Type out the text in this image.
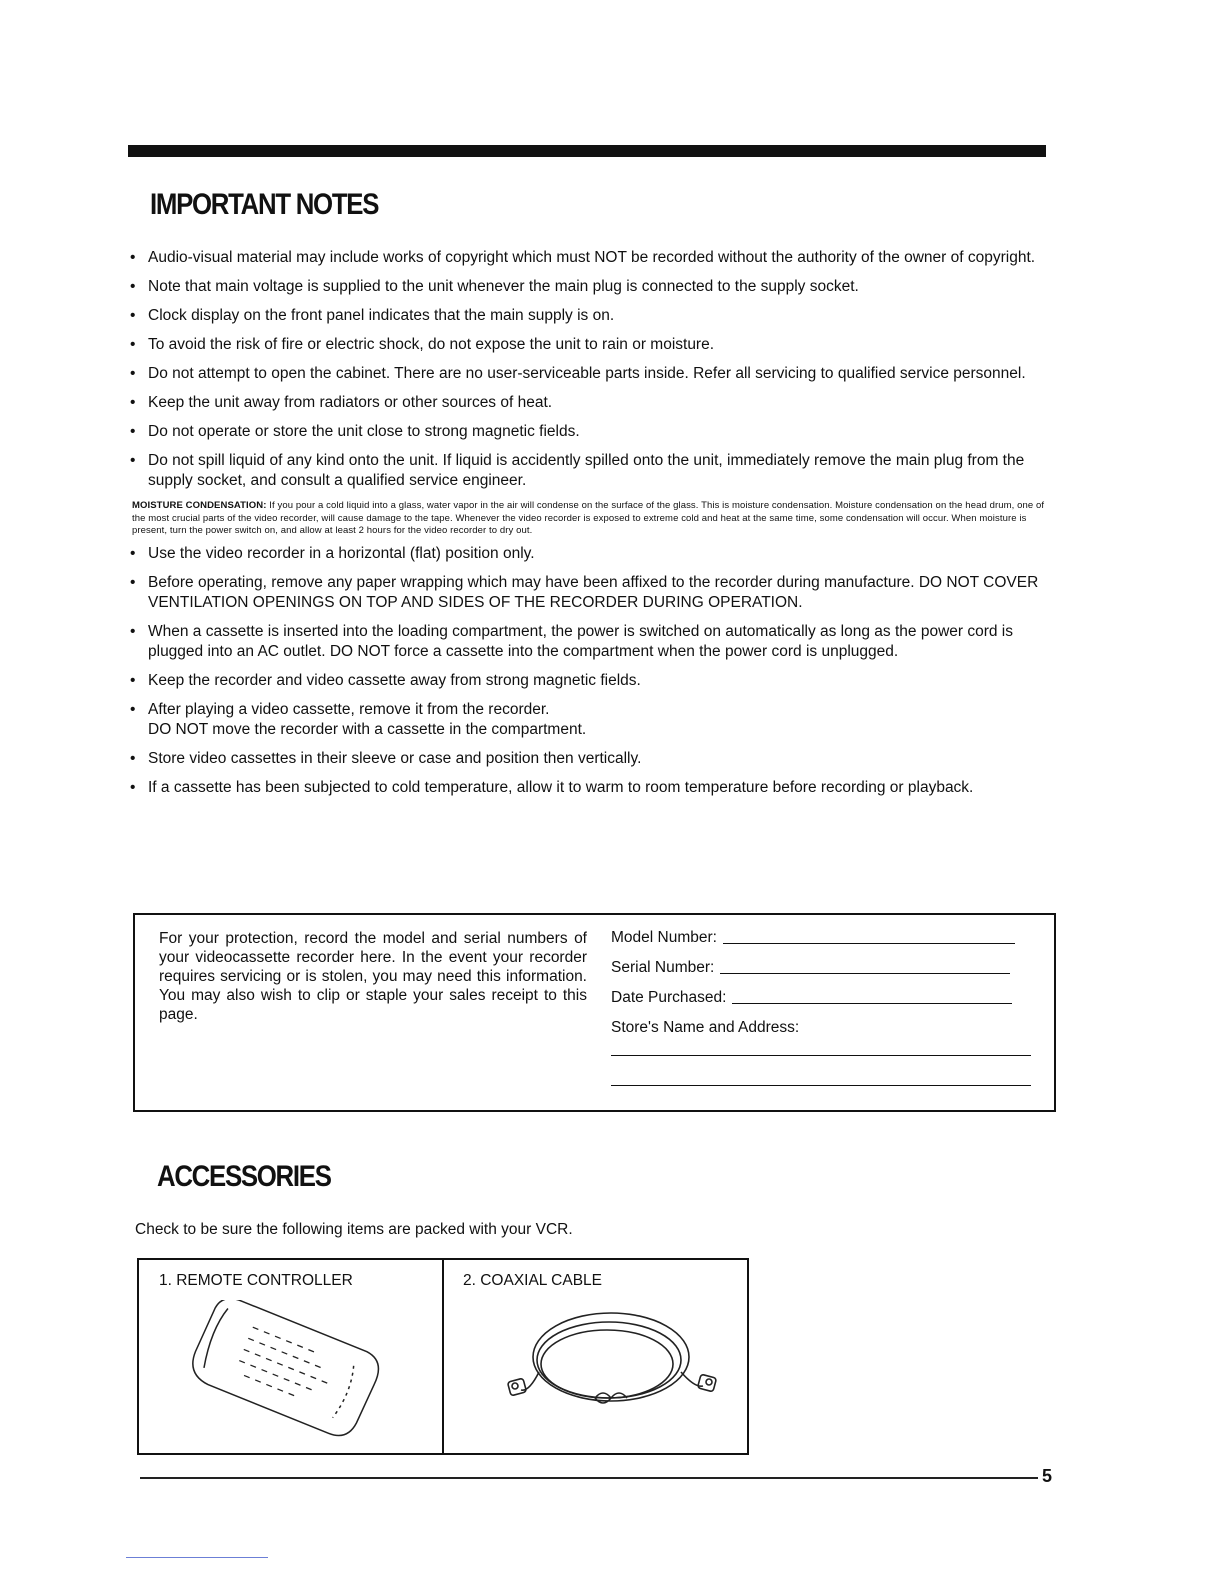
IMPORTANT NOTES
• Audio-visual material may include works of copyright which must NOT be recorded without the authority of the owner of copyright.
• Note that main voltage is supplied to the unit whenever the main plug is connected to the supply socket.
• Clock display on the front panel indicates that the main supply is on.
• To avoid the risk of fire or electric shock, do not expose the unit to rain or moisture.
• Do not attempt to open the cabinet. There are no user-serviceable parts inside. Refer all servicing to qualified service personnel.
• Keep the unit away from radiators or other sources of heat.
• Do not operate or store the unit close to strong magnetic fields.
• Do not spill liquid of any kind onto the unit. If liquid is accidently spilled onto the unit, immediately remove the main plug from the supply socket, and consult a qualified service engineer.
MOISTURE CONDENSATION: If you pour a cold liquid into a glass, water vapor in the air will condense on the surface of the glass. This is moisture condensation. Moisture condensation on the head drum, one of the most crucial parts of the video recorder, will cause damage to the tape. Whenever the video recorder is exposed to extreme cold and heat at the same time, some condensation will occur. When moisture is present, turn the power switch on, and allow at least 2 hours for the video recorder to dry out.
• Use the video recorder in a horizontal (flat) position only.
• Before operating, remove any paper wrapping which may have been affixed to the recorder during manufacture. DO NOT COVER VENTILATION OPENINGS ON TOP AND SIDES OF THE RECORDER DURING OPERATION.
• When a cassette is inserted into the loading compartment, the power is switched on automatically as long as the power cord is plugged into an AC outlet. DO NOT force a cassette into the compartment when the power cord is unplugged.
• Keep the recorder and video cassette away from strong magnetic fields.
• After playing a video cassette, remove it from the recorder.
DO NOT move the recorder with a cassette in the compartment.
• Store video cassettes in their sleeve or case and position then vertically.
• If a cassette has been subjected to cold temperature, allow it to warm to room temperature before recording or playback.
For your protection, record the model and serial numbers of your videocassette recorder here. In the event your recorder requires servicing or is stolen, you may need this information. You may also wish to clip or staple your sales receipt to this page.
Model Number:
Serial Number:
Date Purchased:
Store's Name and Address:
ACCESSORIES
Check to be sure the following items are packed with your VCR.
1. REMOTE CONTROLLER	2. COAXIAL CABLE
5
